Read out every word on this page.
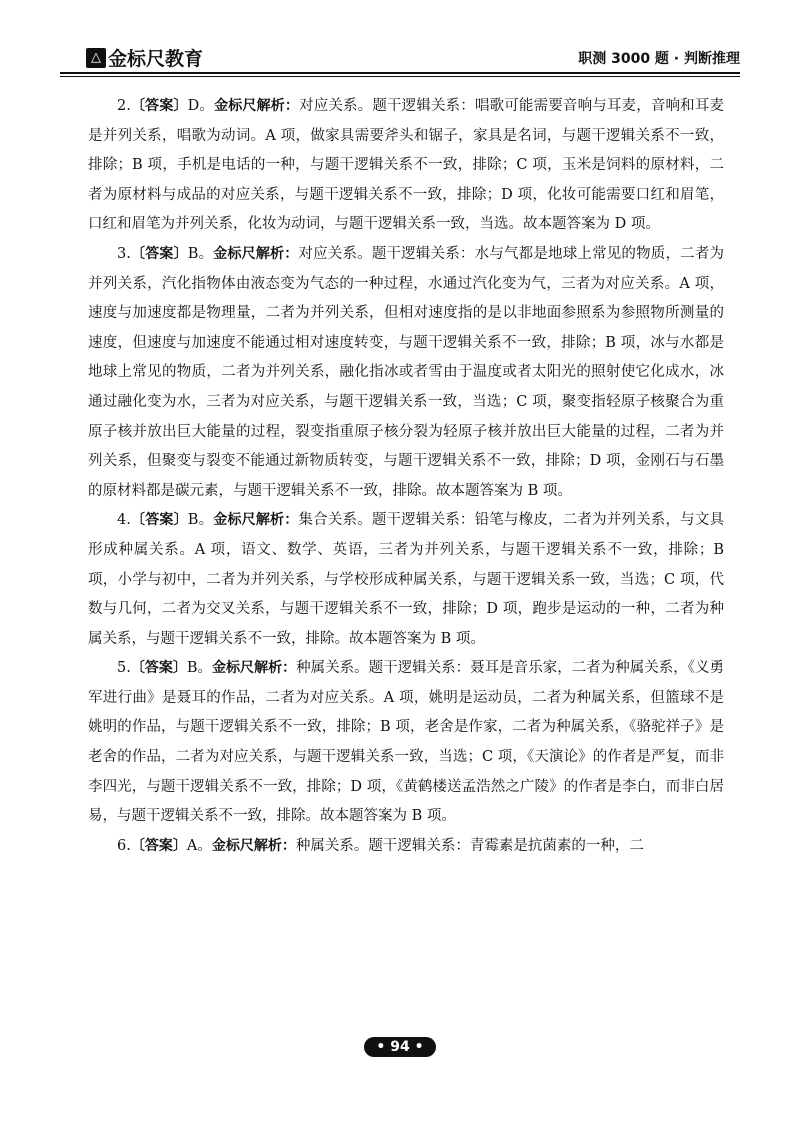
△ 金标尺教育	职测 3000 题 · 判断推理

2.〔答案〕D。金标尺解析：对应关系。题干逻辑关系：唱歌可能需要音响与耳麦，音响和耳麦是并列关系，唱歌为动词。A 项，做家具需要斧头和锯子，家具是名词，与题干逻辑关系不一致，排除；B 项，手机是电话的一种，与题干逻辑关系不一致，排除；C 项，玉米是饲料的原材料，二者为原材料与成品的对应关系，与题干逻辑关系不一致，排除；D 项，化妆可能需要口红和眉笔，口红和眉笔为并列关系，化妆为动词，与题干逻辑关系一致，当选。故本题答案为 D 项。

3.〔答案〕B。金标尺解析：对应关系。题干逻辑关系：水与气都是地球上常见的物质，二者为并列关系，汽化指物体由液态变为气态的一种过程，水通过汽化变为气，三者为对应关系。A 项，速度与加速度都是物理量，二者为并列关系，但相对速度指的是以非地面参照系为参照物所测量的速度，但速度与加速度不能通过相对速度转变，与题干逻辑关系不一致，排除；B 项，冰与水都是地球上常见的物质，二者为并列关系，融化指冰或者雪由于温度或者太阳光的照射使它化成水，冰通过融化变为水，三者为对应关系，与题干逻辑关系一致，当选；C 项，聚变指轻原子核聚合为重原子核并放出巨大能量的过程，裂变指重原子核分裂为轻原子核并放出巨大能量的过程，二者为并列关系，但聚变与裂变不能通过新物质转变，与题干逻辑关系不一致，排除；D 项，金刚石与石墨的原材料都是碳元素，与题干逻辑关系不一致，排除。故本题答案为 B 项。

4.〔答案〕B。金标尺解析：集合关系。题干逻辑关系：铅笔与橡皮，二者为并列关系，与文具形成种属关系。A 项，语文、数学、英语，三者为并列关系，与题干逻辑关系不一致，排除；B 项，小学与初中，二者为并列关系，与学校形成种属关系，与题干逻辑关系一致，当选；C 项，代数与几何，二者为交叉关系，与题干逻辑关系不一致，排除；D 项，跑步是运动的一种，二者为种属关系，与题干逻辑关系不一致，排除。故本题答案为 B 项。

5.〔答案〕B。金标尺解析：种属关系。题干逻辑关系：聂耳是音乐家，二者为种属关系，《义勇军进行曲》是聂耳的作品，二者为对应关系。A 项，姚明是运动员，二者为种属关系，但篮球不是姚明的作品，与题干逻辑关系不一致，排除；B 项，老舍是作家，二者为种属关系，《骆驼祥子》是老舍的作品，二者为对应关系，与题干逻辑关系一致，当选；C 项，《天演论》的作者是严复，而非李四光，与题干逻辑关系不一致，排除；D 项，《黄鹤楼送孟浩然之广陵》的作者是李白，而非白居易，与题干逻辑关系不一致，排除。故本题答案为 B 项。

6.〔答案〕A。金标尺解析：种属关系。题干逻辑关系：青霉素是抗菌素的一种，二

• 94 •
